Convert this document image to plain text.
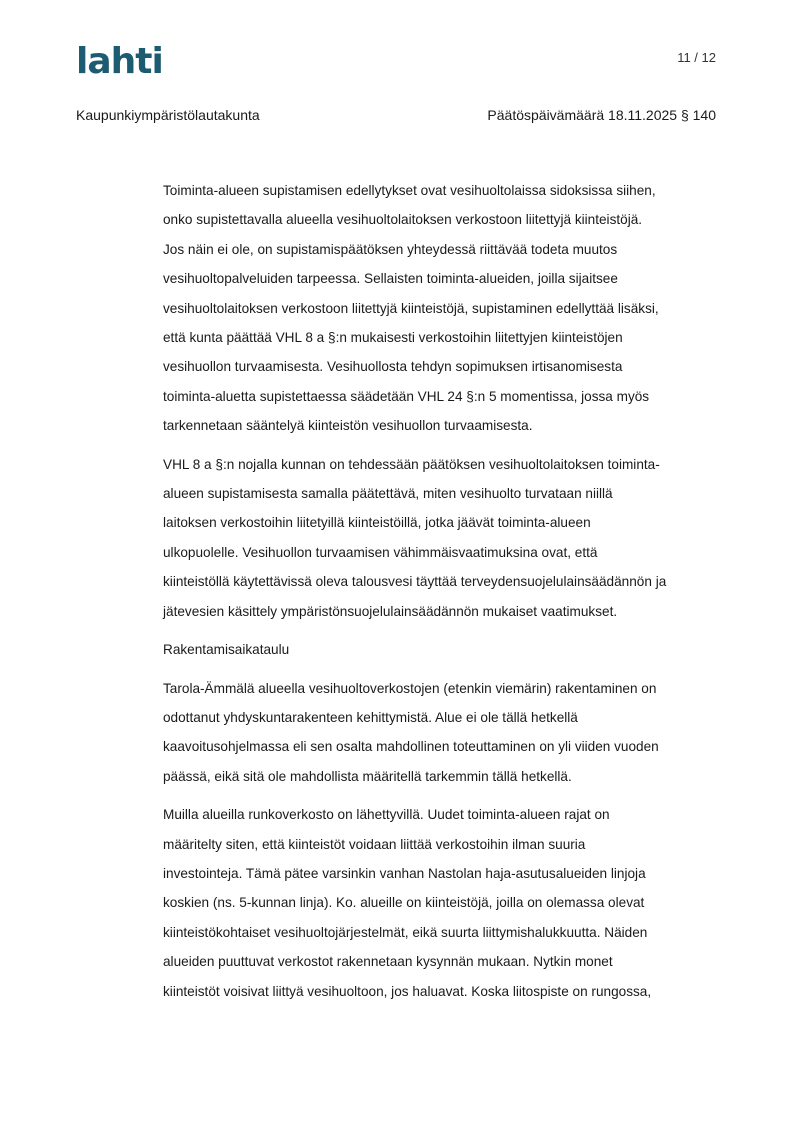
lahti	11 / 12
Kaupunkiympäristölautakunta	Päätöspäivämäärä 18.11.2025 § 140

Toiminta-alueen supistamisen edellytykset ovat vesihuoltolaissa sidoksissa siihen,
onko supistettavalla alueella vesihuoltolaitoksen verkostoon liitettyjä kiinteistöjä.
Jos näin ei ole, on supistamispäätöksen yhteydessä riittävää todeta muutos
vesihuoltopalveluiden tarpeessa. Sellaisten toiminta-alueiden, joilla sijaitsee
vesihuoltolaitoksen verkostoon liitettyjä kiinteistöjä, supistaminen edellyttää lisäksi,
että kunta päättää VHL 8 a §:n mukaisesti verkostoihin liitettyjen kiinteistöjen
vesihuollon turvaamisesta. Vesihuollosta tehdyn sopimuksen irtisanomisesta
toiminta-aluetta supistettaessa säädetään VHL 24 §:n 5 momentissa, jossa myös
tarkennetaan sääntelyä kiinteistön vesihuollon turvaamisesta.

VHL 8 a §:n nojalla kunnan on tehdessään päätöksen vesihuoltolaitoksen toiminta-
alueen supistamisesta samalla päätettävä, miten vesihuolto turvataan niillä
laitoksen verkostoihin liitetyillä kiinteistöillä, jotka jäävät toiminta-alueen
ulkopuolelle. Vesihuollon turvaamisen vähimmäisvaatimuksina ovat, että
kiinteistöllä käytettävissä oleva talousvesi täyttää terveydensuojelulainsäädännön ja
jätevesien käsittely ympäristönsuojelulainsäädännön mukaiset vaatimukset.

Rakentamisaikataulu

Tarola-Ämmälä alueella vesihuoltoverkostojen (etenkin viemärin) rakentaminen on
odottanut yhdyskuntarakenteen kehittymistä. Alue ei ole tällä hetkellä
kaavoitusohjelmassa eli sen osalta mahdollinen toteuttaminen on yli viiden vuoden
päässä, eikä sitä ole mahdollista määritellä tarkemmin tällä hetkellä.

Muilla alueilla runkoverkosto on lähettyvillä. Uudet toiminta-alueen rajat on
määritelty siten, että kiinteistöt voidaan liittää verkostoihin ilman suuria
investointeja. Tämä pätee varsinkin vanhan Nastolan haja-asutusalueiden linjoja
koskien (ns. 5-kunnan linja). Ko. alueille on kiinteistöjä, joilla on olemassa olevat
kiinteistökohtaiset vesihuoltojärjestelmät, eikä suurta liittymishalukkuutta. Näiden
alueiden puuttuvat verkostot rakennetaan kysynnän mukaan. Nytkin monet
kiinteistöt voisivat liittyä vesihuoltoon, jos haluavat. Koska liitospiste on rungossa,
